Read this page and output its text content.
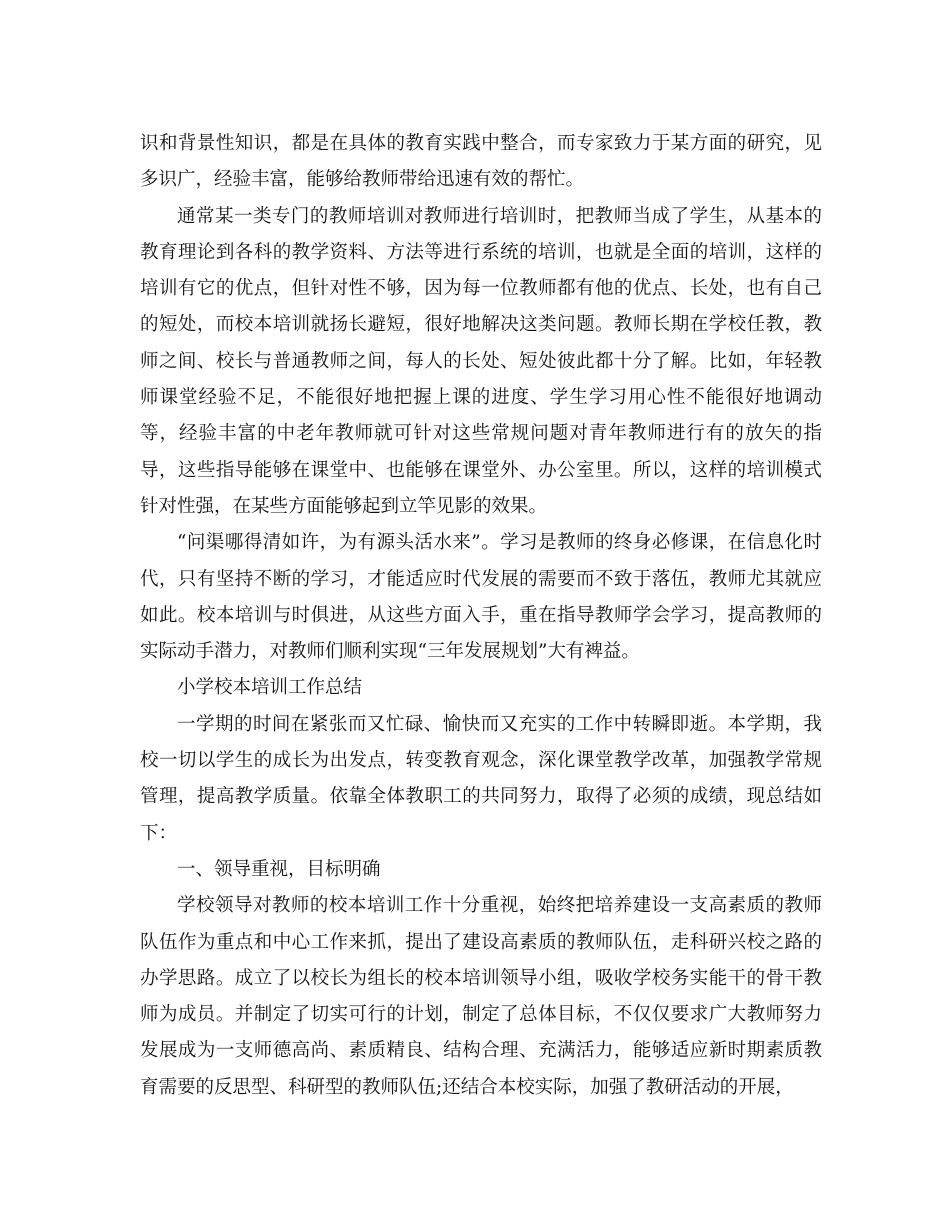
识和背景性知识，都是在具体的教育实践中整合，而专家致力于某方面的研究，见多识广，经验丰富，能够给教师带给迅速有效的帮忙。

通常某一类专门的教师培训对教师进行培训时，把教师当成了学生，从基本的教育理论到各科的教学资料、方法等进行系统的培训，也就是全面的培训，这样的培训有它的优点，但针对性不够，因为每一位教师都有他的优点、长处，也有自己的短处，而校本培训就扬长避短，很好地解决这类问题。教师长期在学校任教，教师之间、校长与普通教师之间，每人的长处、短处彼此都十分了解。比如，年轻教师课堂经验不足，不能很好地把握上课的进度、学生学习用心性不能很好地调动等，经验丰富的中老年教师就可针对这些常规问题对青年教师进行有的放矢的指导，这些指导能够在课堂中、也能够在课堂外、办公室里。所以，这样的培训模式针对性强，在某些方面能够起到立竿见影的效果。

“问渠哪得清如许，为有源头活水来”。学习是教师的终身必修课，在信息化时代，只有坚持不断的学习，才能适应时代发展的需要而不致于落伍，教师尤其就应如此。校本培训与时俱进，从这些方面入手，重在指导教师学会学习，提高教师的实际动手潜力，对教师们顺利实现“三年发展规划”大有裨益。

小学校本培训工作总结

一学期的时间在紧张而又忙碌、愉快而又充实的工作中转瞬即逝。本学期，我校一切以学生的成长为出发点，转变教育观念，深化课堂教学改革，加强教学常规管理，提高教学质量。依靠全体教职工的共同努力，取得了必须的成绩，现总结如下：

一、领导重视，目标明确

学校领导对教师的校本培训工作十分重视，始终把培养建设一支高素质的教师队伍作为重点和中心工作来抓，提出了建设高素质的教师队伍，走科研兴校之路的办学思路。成立了以校长为组长的校本培训领导小组，吸收学校务实能干的骨干教师为成员。并制定了切实可行的计划，制定了总体目标，不仅仅要求广大教师努力发展成为一支师德高尚、素质精良、结构合理、充满活力，能够适应新时期素质教育需要的反思型、科研型的教师队伍;还结合本校实际，加强了教研活动的开展，
